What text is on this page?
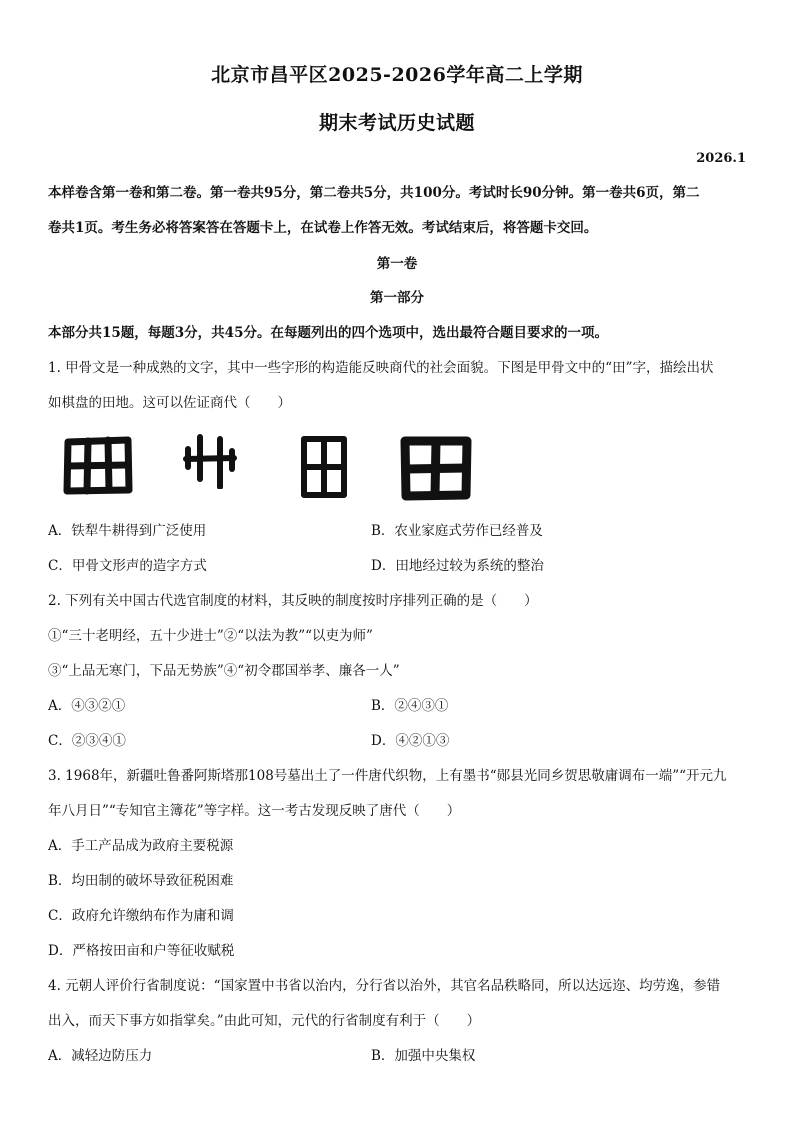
北京市昌平区2025-2026学年高二上学期
期末考试历史试题
2026.1
本样卷含第一卷和第二卷。第一卷共95分，第二卷共5分，共100分。考试时长90分钟。第一卷共6页，第二
卷共1页。考生务必将答案答在答题卡上，在试卷上作答无效。考试结束后，将答题卡交回。
第一卷
第一部分
本部分共15题，每题3分，共45分。在每题列出的四个选项中，选出最符合题目要求的一项。
1. 甲骨文是一种成熟的文字，其中一些字形的构造能反映商代的社会面貌。下图是甲骨文中的“田”字，描绘出状
如棋盘的田地。这可以佐证商代（　　）
A．铁犁牛耕得到广泛使用	B．农业家庭式劳作已经普及
C．甲骨文形声的造字方式	D．田地经过较为系统的整治
2. 下列有关中国古代选官制度的材料，其反映的制度按时序排列正确的是（　　）
①“三十老明经，五十少进士”②“以法为教”“以吏为师”
③“上品无寒门，下品无势族”④“初令郡国举孝、廉各一人”
A．④③②①	B．②④③①
C．②③④①	D．④②①③
3. 1968年，新疆吐鲁番阿斯塔那108号墓出土了一件唐代织物，上有墨书“郧县光同乡贺思敬庸调布一端”“开元九
年八月日”“专知官主簿花”等字样。这一考古发现反映了唐代（　　）
A．手工产品成为政府主要税源
B．均田制的破坏导致征税困难
C．政府允许缴纳布作为庸和调
D．严格按田亩和户等征收赋税
4. 元朝人评价行省制度说：“国家置中书省以治内，分行省以治外，其官名品秩略同，所以达远迩、均劳逸，参错
出入，而天下事方如指掌矣。”由此可知，元代的行省制度有利于（　　）
A．减轻边防压力	B．加强中央集权
